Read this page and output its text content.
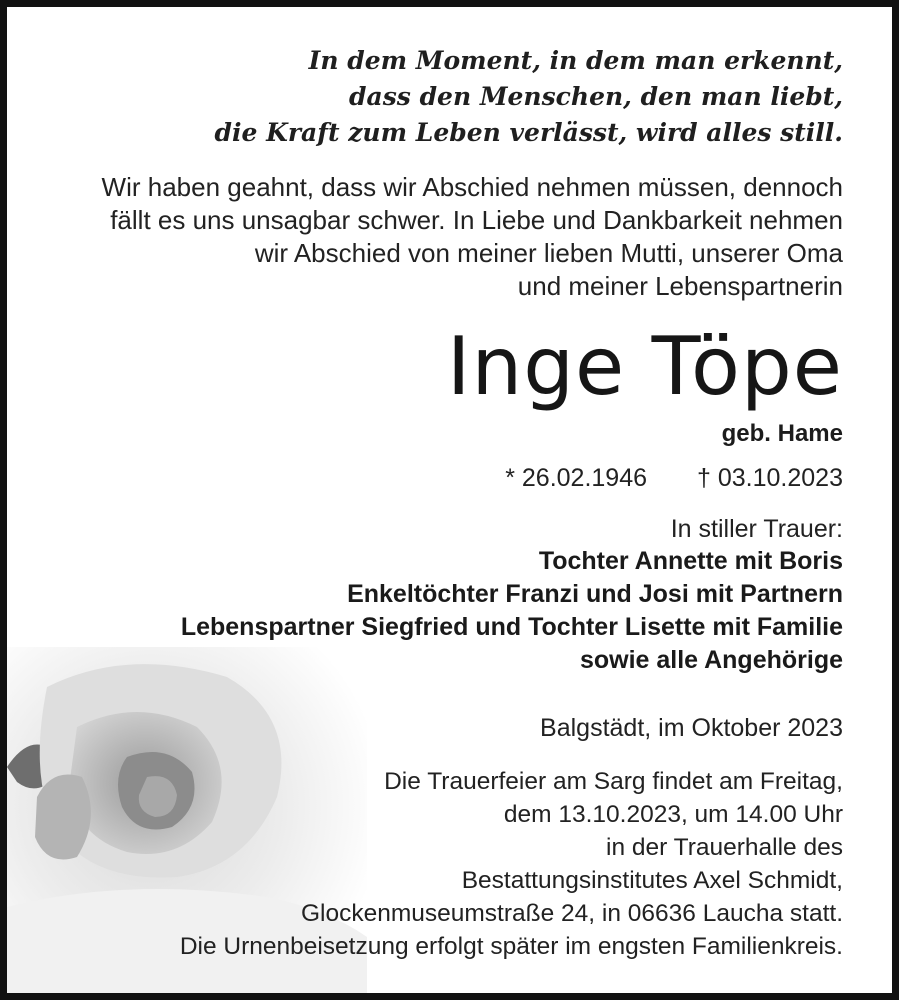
In dem Moment, in dem man erkennt,

dass den Menschen, den man liebt,

die Kraft zum Leben verlässt, wird alles still.

Wir haben geahnt, dass wir Abschied nehmen müssen, dennoch

fällt es uns unsagbar schwer. In Liebe und Dankbarkeit nehmen

wir Abschied von meiner lieben Mutti, unserer Oma

und meiner Lebenspartnerin

Inge Töpe

geb. Hame

* 26.02.1946 † 03.10.2023

In stiller Trauer:

Tochter Annette mit Boris

Enkeltöchter Franzi und Josi mit Partnern

Lebenspartner Siegfried und Tochter Lisette mit Familie

sowie alle Angehörige

Balgstädt, im Oktober 2023

Die Trauerfeier am Sarg findet am Freitag,

dem 13.10.2023, um 14.00 Uhr

in der Trauerhalle des

Bestattungsinstitutes Axel Schmidt,

Glockenmuseumstraße 24, in 06636 Laucha statt.

Die Urnenbeisetzung erfolgt später im engsten Familienkreis.
